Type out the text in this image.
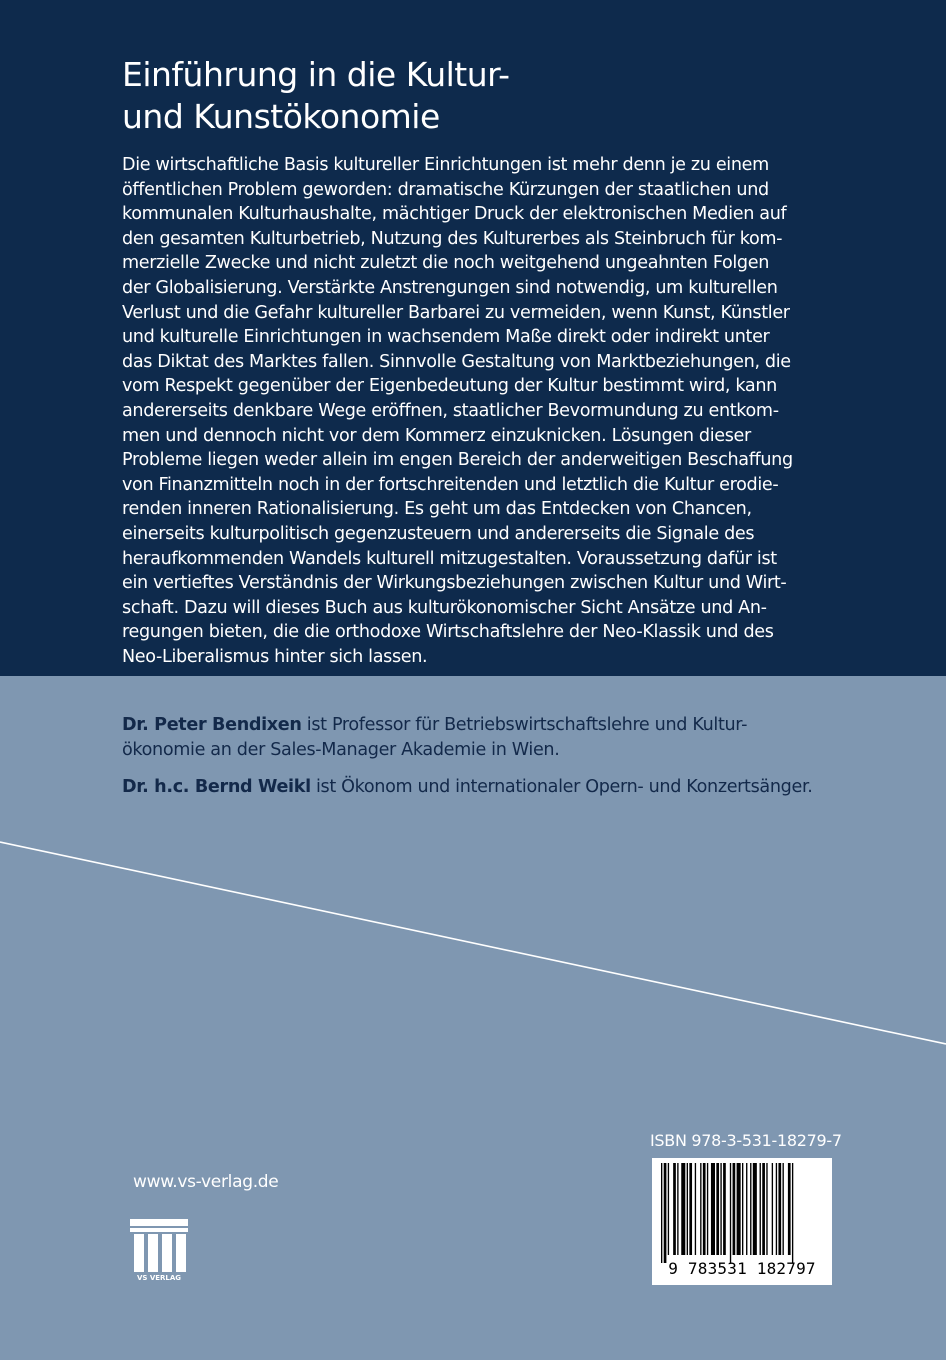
Einführung in die Kultur-
und Kunstökonomie

Die wirtschaftliche Basis kultureller Einrichtungen ist mehr denn je zu einem
öffentlichen Problem geworden: dramatische Kürzungen der staatlichen und
kommunalen Kulturhaushalte, mächtiger Druck der elektronischen Medien auf
den gesamten Kulturbetrieb, Nutzung des Kulturerbes als Steinbruch für kom-
merzielle Zwecke und nicht zuletzt die noch weitgehend ungeahnten Folgen
der Globalisierung. Verstärkte Anstrengungen sind notwendig, um kulturellen
Verlust und die Gefahr kultureller Barbarei zu vermeiden, wenn Kunst, Künstler
und kulturelle Einrichtungen in wachsendem Maße direkt oder indirekt unter
das Diktat des Marktes fallen. Sinnvolle Gestaltung von Marktbeziehungen, die
vom Respekt gegenüber der Eigenbedeutung der Kultur bestimmt wird, kann
andererseits denkbare Wege eröffnen, staatlicher Bevormundung zu entkom-
men und dennoch nicht vor dem Kommerz einzuknicken. Lösungen dieser
Probleme liegen weder allein im engen Bereich der anderweitigen Beschaffung
von Finanzmitteln noch in der fortschreitenden und letztlich die Kultur erodie-
renden inneren Rationalisierung. Es geht um das Entdecken von Chancen,
einerseits kulturpolitisch gegenzusteuern und andererseits die Signale des
heraufkommenden Wandels kulturell mitzugestalten. Voraussetzung dafür ist
ein vertieftes Verständnis der Wirkungsbeziehungen zwischen Kultur und Wirt-
schaft. Dazu will dieses Buch aus kulturökonomischer Sicht Ansätze und An-
regungen bieten, die die orthodoxe Wirtschaftslehre der Neo-Klassik und des
Neo-Liberalismus hinter sich lassen.

Dr. Peter Bendixen ist Professor für Betriebswirtschaftslehre und Kultur-
ökonomie an der Sales-Manager Akademie in Wien.

Dr. h.c. Bernd Weikl ist Ökonom und internationaler Opern- und Konzertsänger.

www.vs-verlag.de
VS VERLAG
ISBN 978-3-531-18279-7
9 783531 182797
